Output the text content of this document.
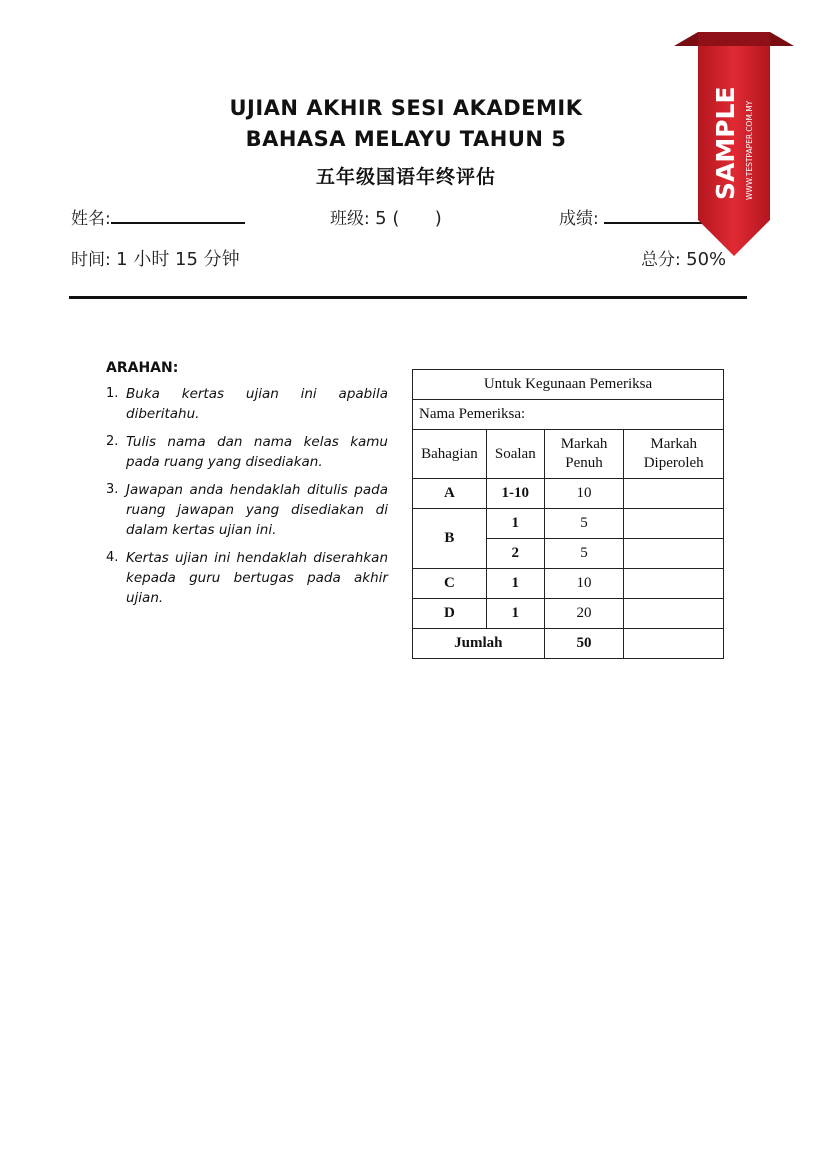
UJIAN AKHIR SESI AKADEMIK
BAHASA MELAYU TAHUN 5
五年级国语年终评估
姓名:	班级: 5 ( )	成绩:
时间: 1 小时 15 分钟	总分: 50%
ARAHAN:
1. Buka kertas ujian ini apabila diberitahu.
2. Tulis nama dan nama kelas kamu pada ruang yang disediakan.
3. Jawapan anda hendaklah ditulis pada ruang jawapan yang disediakan di dalam kertas ujian ini.
4. Kertas ujian ini hendaklah diserahkan kepada guru bertugas pada akhir ujian.
Untuk Kegunaan Pemeriksa			
Nama Pemeriksa:			
Bahagian	Soalan	Markah Penuh	Markah Diperoleh
A	1-10	10	
B	1	5	
	2	5	
C	1	10	
D	1	20	
Jumlah		50	
SAMPLE WWW.TESTPAPER.COM.MY
